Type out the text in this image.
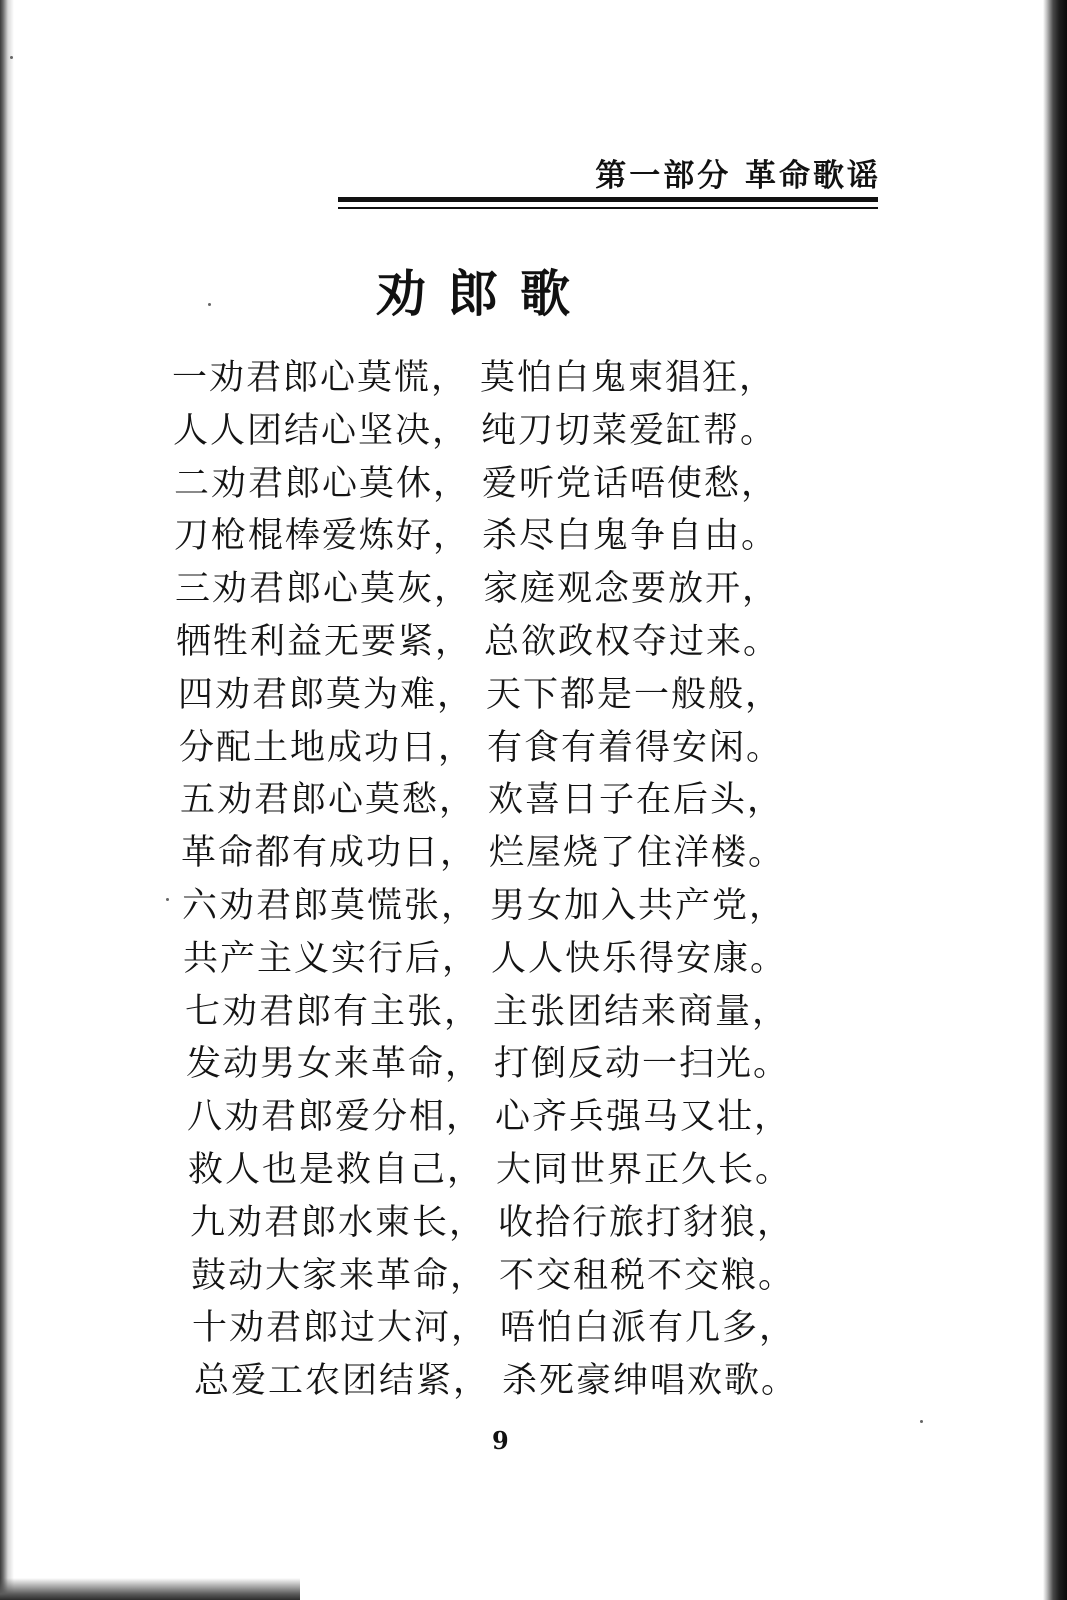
第一部分 革命歌谣
劝郎歌
一劝君郎心莫慌， 莫怕白鬼柬猖狂，
人人团结心坚决， 纯刀切菜爱缸帮。
二劝君郎心莫休， 爱听党话唔使愁，
刀枪棍棒爱炼好， 杀尽白鬼争自由。
三劝君郎心莫灰， 家庭观念要放开，
牺牲利益无要紧， 总欲政权夺过来。
四劝君郎莫为难， 天下都是一般般，
分配土地成功日， 有食有着得安闲。
五劝君郎心莫愁， 欢喜日子在后头，
革命都有成功日， 烂屋烧了住洋楼。
六劝君郎莫慌张， 男女加入共产党，
共产主义实行后， 人人快乐得安康。
七劝君郎有主张， 主张团结来商量，
发动男女来革命， 打倒反动一扫光。
八劝君郎爱分相， 心齐兵强马又壮，
救人也是救自己， 大同世界正久长。
九劝君郎水柬长， 收拾行旅打豺狼，
鼓动大家来革命， 不交租税不交粮。
十劝君郎过大河， 唔怕白派有几多，
总爱工农团结紧， 杀死豪绅唱欢歌。
9
